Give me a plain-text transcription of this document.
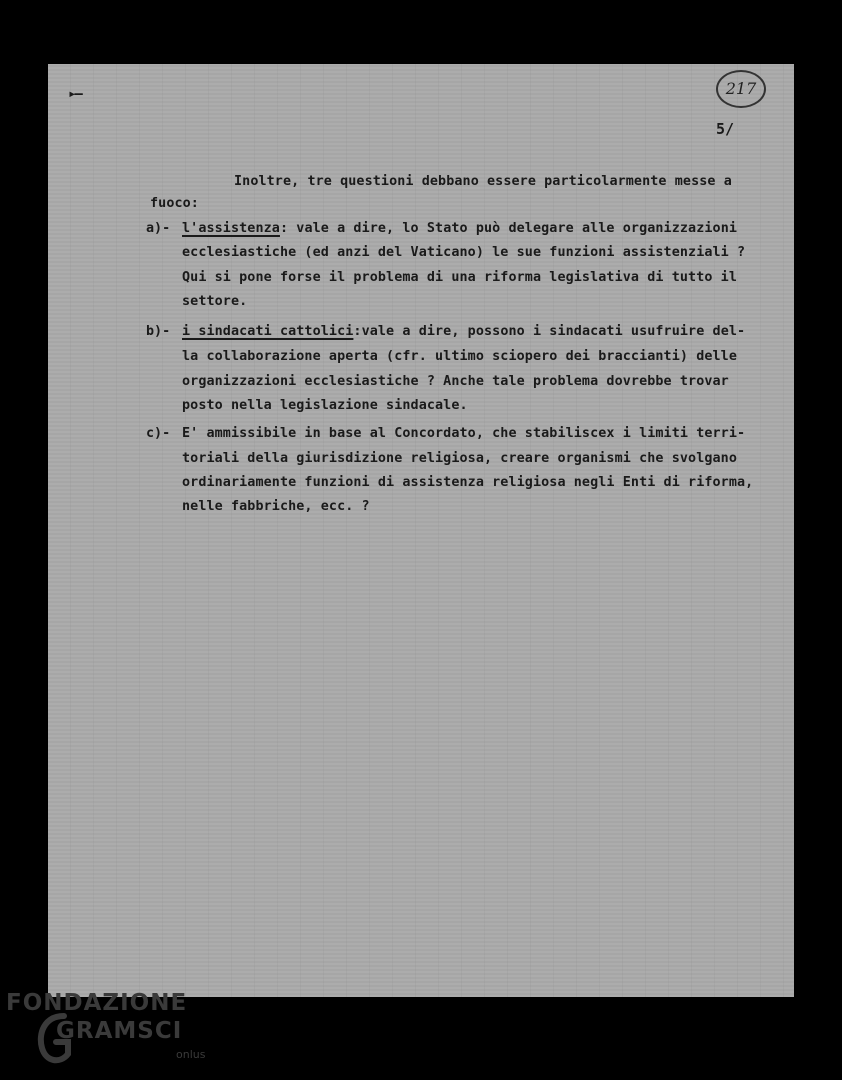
▸—	217
5/
Inoltre, tre questioni debbano essere particolarmente messe a
fuoco:
a)- l'assistenza: vale a dire, lo Stato può delegare alle organizzazioni
ecclesiastiche (ed anzi del Vaticano) le sue funzioni assistenziali ?
Qui si pone forse il problema di una riforma legislativa di tutto il
settore.
b)- i sindacati cattolici:vale a dire, possono i sindacati usufruire del-
la collaborazione aperta (cfr. ultimo sciopero dei braccianti) delle
organizzazioni ecclesiastiche ? Anche tale problema dovrebbe trovar
posto nella legislazione sindacale.
c)- E' ammissibile in base al Concordato, che stabiliscex i limiti terri-
toriali della giurisdizione religiosa, creare organismi che svolgano
ordinariamente funzioni di assistenza religiosa negli Enti di riforma,
nelle fabbriche, ecc. ?
FONDAZIONE
GRAMSCI
onlus
